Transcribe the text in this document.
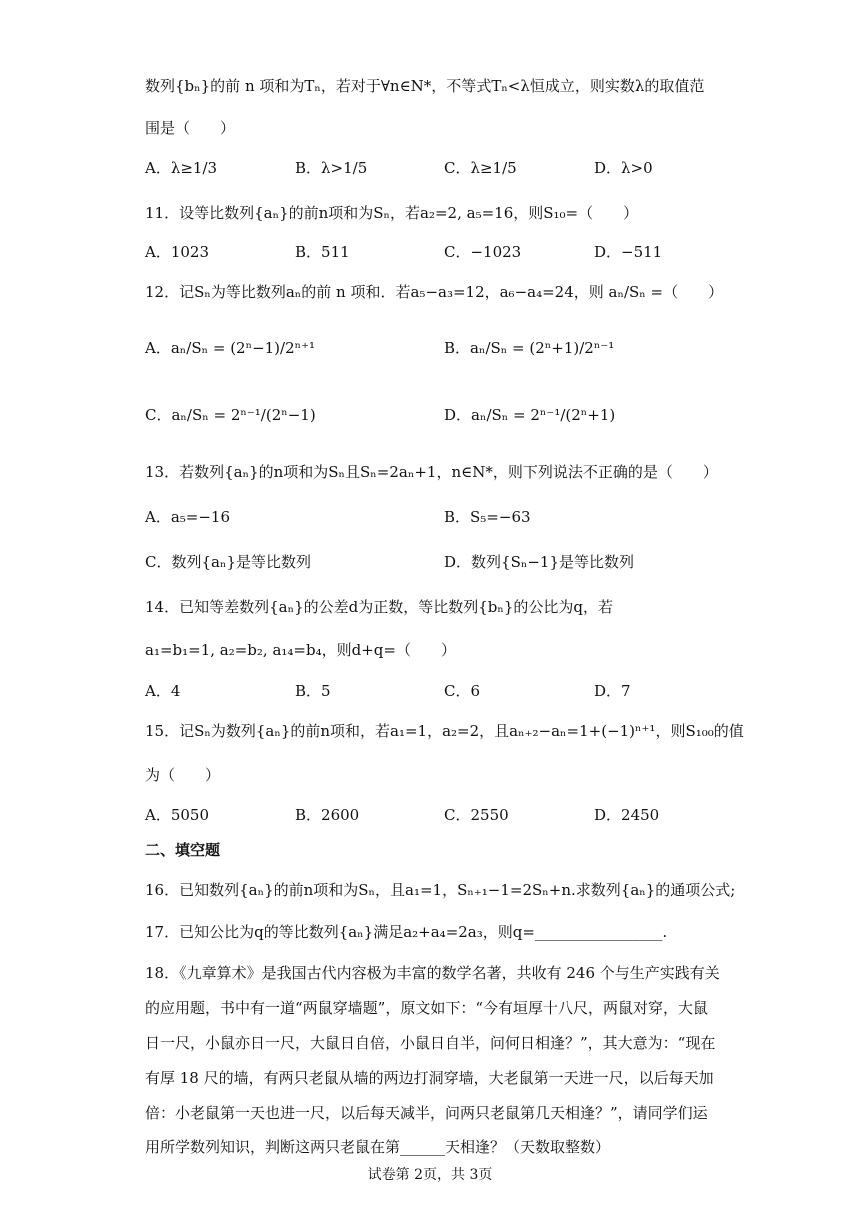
数列{bₙ}的前 n 项和为Tₙ，若对于∀n∈N*，不等式Tₙ<λ恒成立，则实数λ的取值范
围是（　　）
A．λ≥1/3	B．λ>1/5	C．λ≥1/5	D．λ>0
11．设等比数列{aₙ}的前n项和为Sₙ，若a₂=2, a₅=16，则S₁₀=（　　）
A．1023	B．511	C．−1023	D．−511
12．记Sₙ为等比数列aₙ的前 n 项和．若a₅−a₃=12，a₆−a₄=24，则 aₙ/Sₙ =（　　）
A．aₙ/Sₙ = (2ⁿ−1)/2ⁿ⁺¹	B．aₙ/Sₙ = (2ⁿ+1)/2ⁿ⁻¹
C．aₙ/Sₙ = 2ⁿ⁻¹/(2ⁿ−1)	D．aₙ/Sₙ = 2ⁿ⁻¹/(2ⁿ+1)
13．若数列{aₙ}的n项和为Sₙ且Sₙ=2aₙ+1，n∈N*，则下列说法不正确的是（　　）
A．a₅=−16	B．S₅=−63
C．数列{aₙ}是等比数列	D．数列{Sₙ−1}是等比数列
14．已知等差数列{aₙ}的公差d为正数，等比数列{bₙ}的公比为q，若
a₁=b₁=1, a₂=b₂, a₁₄=b₄，则d+q=（　　）
A．4	B．5	C．6	D．7
15．记Sₙ为数列{aₙ}的前n项和，若a₁=1，a₂=2，且aₙ₊₂−aₙ=1+(−1)ⁿ⁺¹，则S₁₀₀的值
为（　　）
A．5050	B．2600	C．2550	D．2450
二、填空题
16．已知数列{aₙ}的前n项和为Sₙ，且a₁=1，Sₙ₊₁−1=2Sₙ+n.求数列{aₙ}的通项公式;
17．已知公比为q的等比数列{aₙ}满足a₂+a₄=2a₃，则q=_________________.
18．《九章算术》是我国古代内容极为丰富的数学名著，共收有 246 个与生产实践有关
的应用题，书中有一道“两鼠穿墙题”，原文如下：“今有垣厚十八尺，两鼠对穿，大鼠
日一尺，小鼠亦日一尺，大鼠日自倍，小鼠日自半，问何日相逢？”，其大意为：“现在
有厚 18 尺的墙，有两只老鼠从墙的两边打洞穿墙，大老鼠第一天进一尺，以后每天加
倍：小老鼠第一天也进一尺，以后每天减半，问两只老鼠第几天相逢？”，请同学们运
用所学数列知识，判断这两只老鼠在第______天相逢？（天数取整数）
试卷第 2页，共 3页
